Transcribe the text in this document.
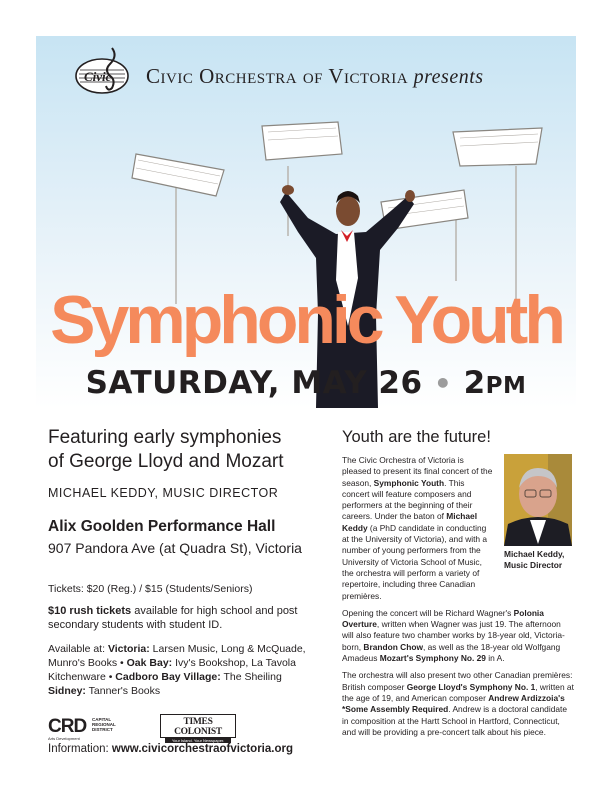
Civic Civic Orchestra of Victoria presents
Symphonic Youth
SATURDAY, MAY 26 • 2PM

Featuring early symphonies
of George Lloyd and Mozart

MICHAEL KEDDY, MUSIC DIRECTOR

Alix Goolden Performance Hall

907 Pandora Ave (at Quadra St), Victoria

Tickets: $20 (Reg.) / $15 (Students/Seniors)

$10 rush tickets available for high school and post secondary students with student ID.

Available at: Victoria: Larsen Music, Long & McQuade, Munro's Books • Oak Bay: Ivy's Bookshop, La Tavola Kitchenware • Cadboro Bay Village: The Sheiling Sidney: Tanner's Books

CRD CAPITAL REGIONAL DISTRICT
Arts Development
TIMES COLONIST
Your Island. Your Newspaper.
Information: www.civicorchestraofvictoria.org

Youth are the future!

The Civic Orchestra of Victoria is pleased to present its final concert of the season, Symphonic Youth. This concert will feature composers and performers at the beginning of their careers. Under the baton of Michael Keddy (a PhD candidate in conducting at the University of Victoria), and with a number of young performers from the University of Victoria School of Music, the orchestra will perform a variety of repertoire, including three Canadian premières.

Opening the concert will be Richard Wagner's Polonia Overture, written when Wagner was just 19. The afternoon will also feature two chamber works by 18-year old, Victoria-born, Brandon Chow, as well as the 18-year old Wolfgang Amadeus Mozart's Symphony No. 29 in A.

The orchestra will also present two other Canadian premières: British composer George Lloyd's Symphony No. 1, written at the age of 19, and American composer Andrew Ardizzoia's *Some Assembly Required. Andrew is a doctoral candidate in composition at the Hartt School in Hartford, Connecticut, and will be providing a pre-concert talk about his piece.

Michael Keddy,
Music Director
